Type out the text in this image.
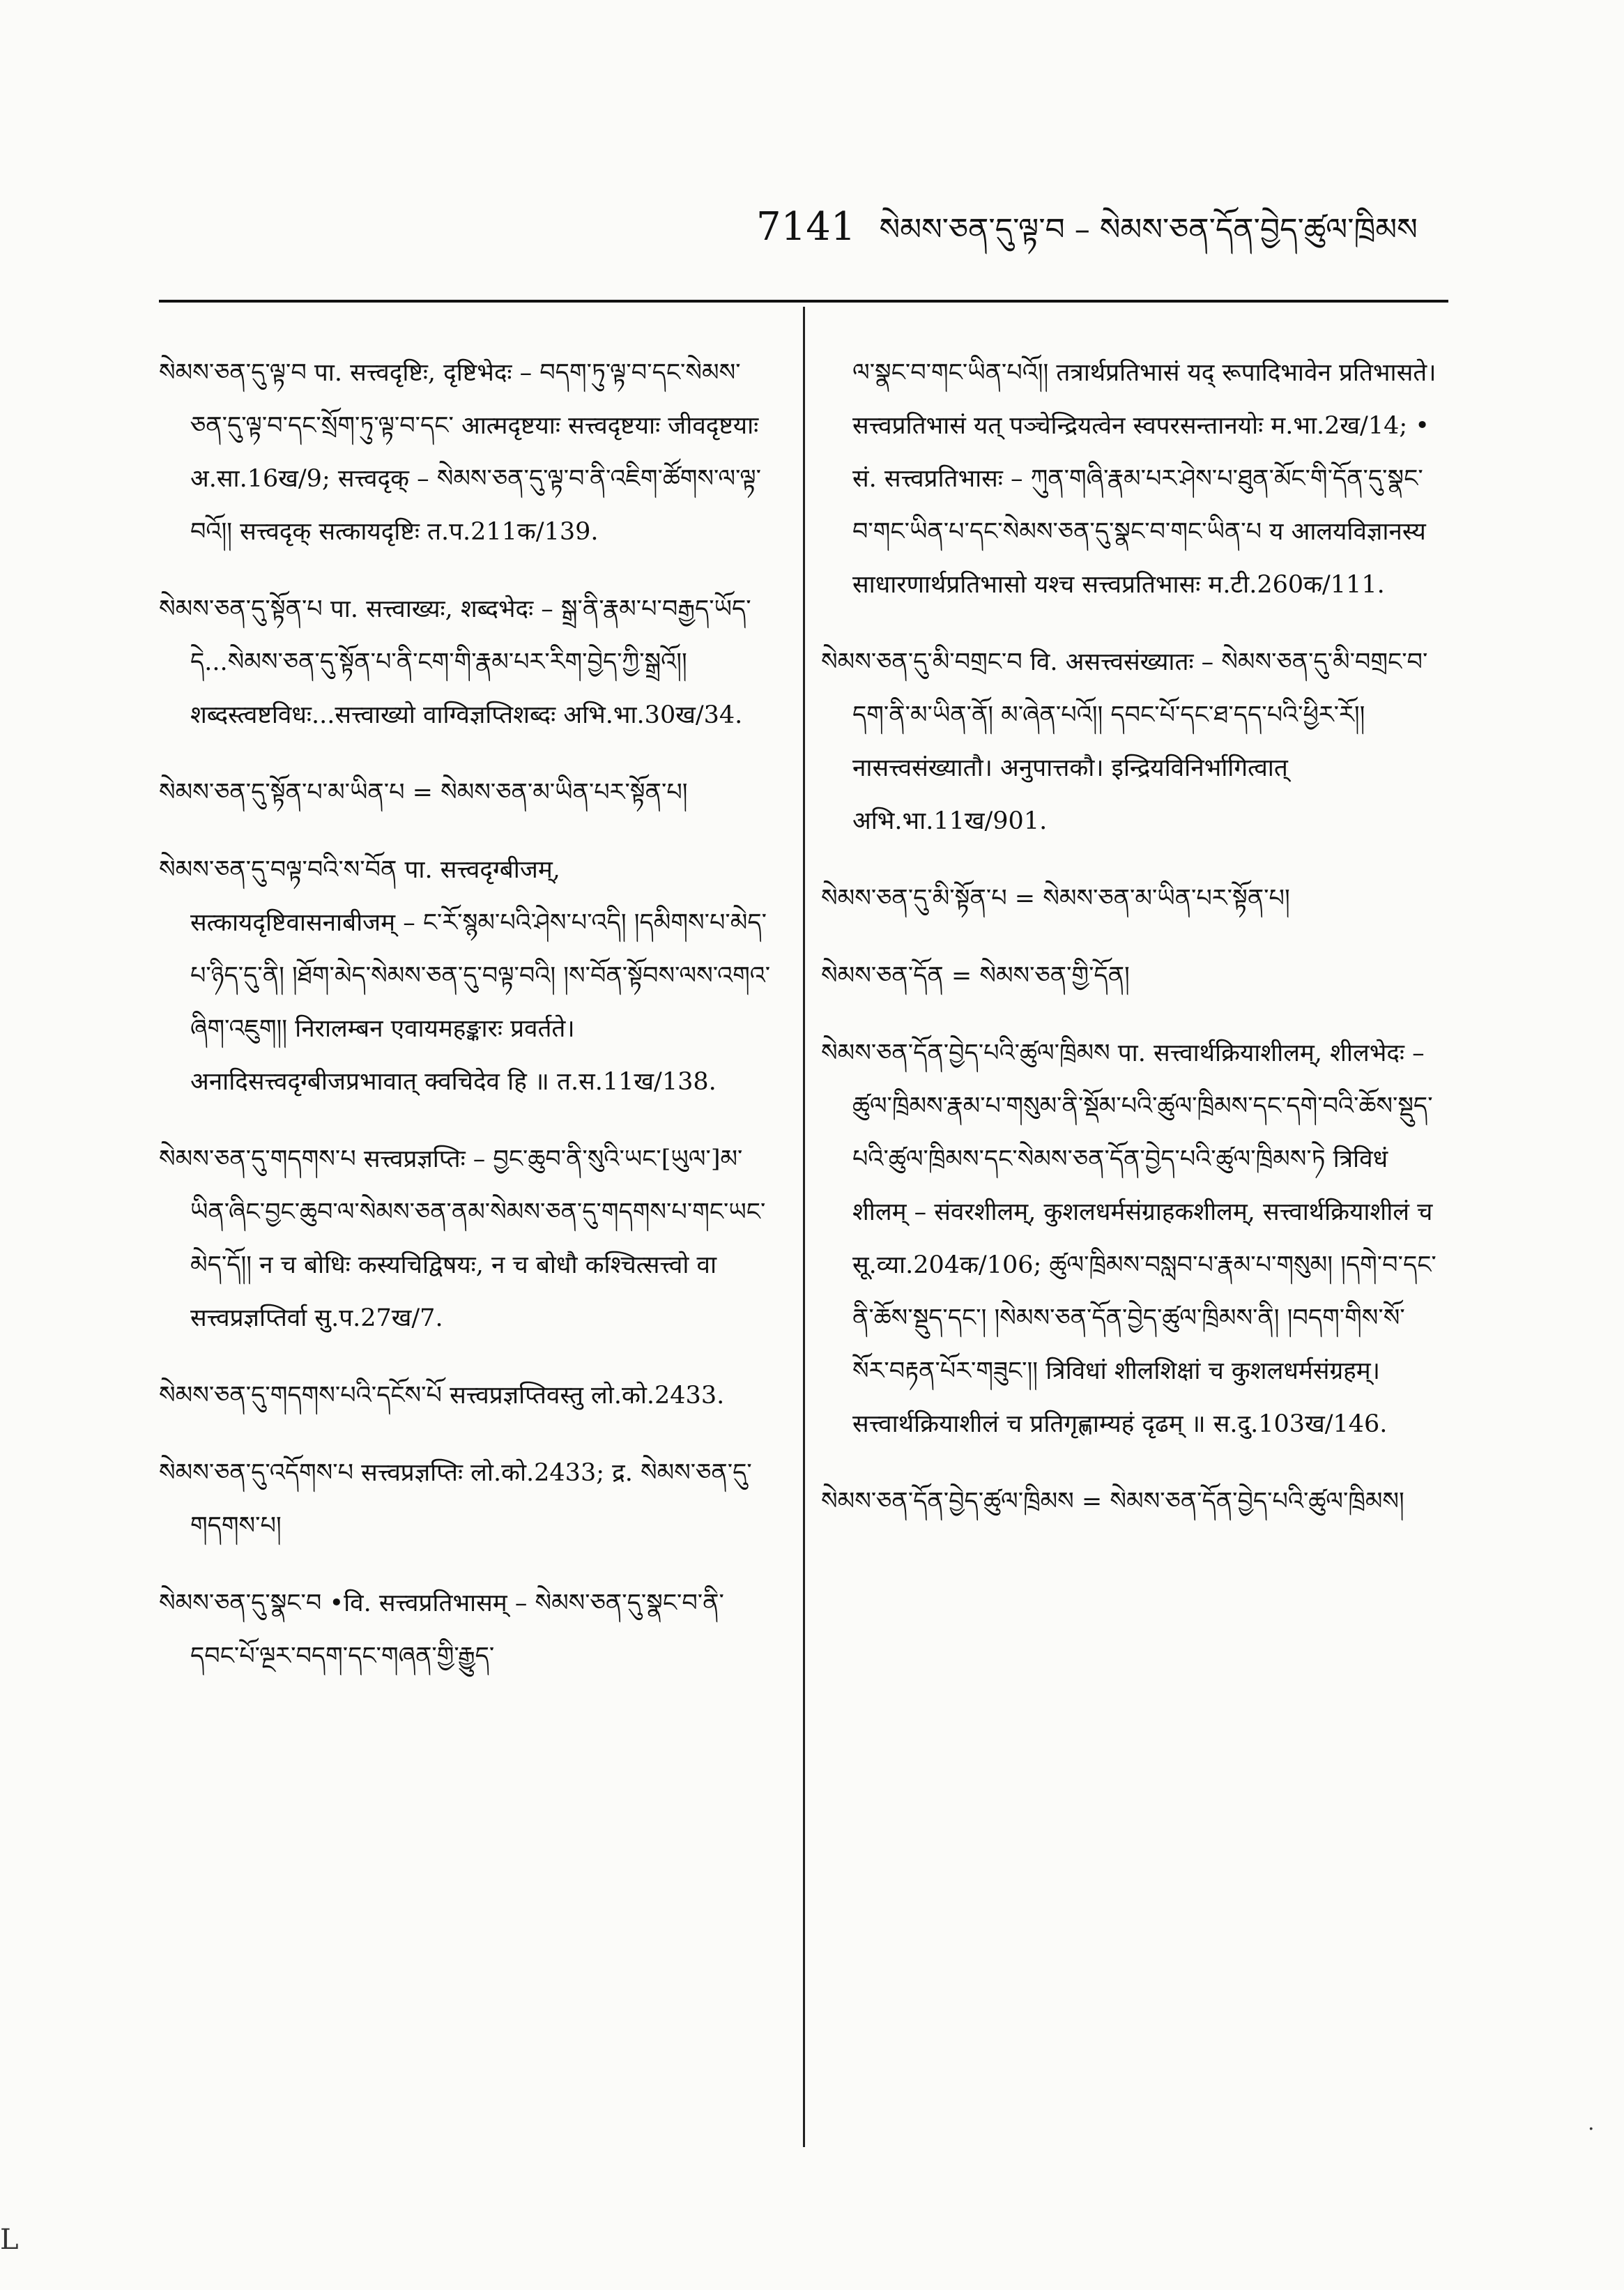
7141 སེམས་ཅན་དུ་ལྟ་བ – སེམས་ཅན་དོན་བྱེད་ཚུལ་ཁྲིམས

སེམས་ཅན་དུ་ལྟ་བ पा. सत्त्वदृष्टिः, दृष्टिभेदः – བདག་ཏུ་ལྟ་བ་དང་སེམས་ཅན་དུ་ལྟ་བ་དང་སྲོག་ཏུ་ལྟ་བ་དང་ आत्मदृष्टयाः सत्त्वदृष्टयाः जीवदृष्टयाः अ.सा.16ख/9; सत्त्वदृक् – སེམས་ཅན་དུ་ལྟ་བ་ནི་འཇིག་ཚོགས་ལ་ལྟ་བའོ།། सत्त्वदृक् सत्कायदृष्टिः त.प.211क/139.

སེམས་ཅན་དུ་སྟོན་པ पा. सत्त्वाख्यः, शब्दभेदः – སྒྲ་ནི་རྣམ་པ་བརྒྱད་ཡོད་དེ...སེམས་ཅན་དུ་སྟོན་པ་ནི་ངག་གི་རྣམ་པར་རིག་བྱེད་ཀྱི་སྒྲའོ།། शब्दस्त्वष्टविधः...सत्त्वाख्यो वाग्विज्ञप्तिशब्दः अभि.भा.30ख/34.

སེམས་ཅན་དུ་སྟོན་པ་མ་ཡིན་པ = སེམས་ཅན་མ་ཡིན་པར་སྟོན་པ།

སེམས་ཅན་དུ་བལྟ་བའི་ས་བོན पा. सत्त्वदृग्बीजम्, सत्कायदृष्टिवासनाबीजम् – ང་རོ་སྙམ་པའི་ཤེས་པ་འདི། །དམིགས་པ་མེད་པ་ཉིད་དུ་ནི། །ཐོག་མེད་སེམས་ཅན་དུ་བལྟ་བའི། །ས་བོན་སྟོབས་ལས་འགའ་ཞིག་འཇུག།། निरालम्बन एवायमहङ्कारः प्रवर्तते। अनादिसत्त्वदृग्बीजप्रभावात् क्वचिदेव हि ॥ त.स.11ख/138.

སེམས་ཅན་དུ་གདགས་པ सत्त्वप्रज्ञप्तिः – བྱང་ཆུབ་ནི་སུའི་ཡང་[ཡུལ་]མ་ཡིན་ཞིང་བྱང་ཆུབ་ལ་སེམས་ཅན་ནམ་སེམས་ཅན་དུ་གདགས་པ་གང་ཡང་མེད་དོ།། न च बोधिः कस्यचिद्विषयः, न च बोधौ कश्चित्सत्त्वो वा सत्त्वप्रज्ञप्तिर्वा सु.प.27ख/7.

སེམས་ཅན་དུ་གདགས་པའི་དངོས་པོ सत्त्वप्रज्ञप्तिवस्तु लो.को.2433.

སེམས་ཅན་དུ་འདོགས་པ सत्त्वप्रज्ञप्तिः लो.को.2433; द्र. སེམས་ཅན་དུ་གདགས་པ།

སེམས་ཅན་དུ་སྣང་བ •वि. सत्त्वप्रतिभासम् – སེམས་ཅན་དུ་སྣང་བ་ནི་དབང་པོ་ལྔར་བདག་དང་གཞན་གྱི་རྒྱུད་

ལ་སྣང་བ་གང་ཡིན་པའོ།། तत्रार्थप्रतिभासं यद् रूपादिभावेन प्रतिभासते। सत्त्वप्रतिभासं यत् पञ्चेन्द्रियत्वेन स्वपरसन्तानयोः म.भा.2ख/14; • सं. सत्त्वप्रतिभासः – ཀུན་གཞི་རྣམ་པར་ཤེས་པ་ཐུན་མོང་གི་དོན་དུ་སྣང་བ་གང་ཡིན་པ་དང་སེམས་ཅན་དུ་སྣང་བ་གང་ཡིན་པ य आलयविज्ञानस्य साधारणार्थप्रतिभासो यश्च सत्त्वप्रतिभासः म.टी.260क/111.

སེམས་ཅན་དུ་མི་བགྲང་བ वि. असत्त्वसंख्यातः – སེམས་ཅན་དུ་མི་བགྲང་བ་དག་ནི་མ་ཡིན་ནོ། མ་ཞེན་པའོ།། དབང་པོ་དང་ཐ་དད་པའི་ཕྱིར་རོ།། नासत्त्वसंख्यातौ। अनुपात्तकौ। इन्द्रियविनिर्भागित्वात् अभि.भा.11ख/901.

སེམས་ཅན་དུ་མི་སྟོན་པ = སེམས་ཅན་མ་ཡིན་པར་སྟོན་པ།

སེམས་ཅན་དོན = སེམས་ཅན་གྱི་དོན།

སེམས་ཅན་དོན་བྱེད་པའི་ཚུལ་ཁྲིམས पा. सत्त्वार्थक्रियाशीलम्, शीलभेदः – ཚུལ་ཁྲིམས་རྣམ་པ་གསུམ་ནི་སྡོམ་པའི་ཚུལ་ཁྲིམས་དང་དགེ་བའི་ཆོས་སྡུད་པའི་ཚུལ་ཁྲིམས་དང་སེམས་ཅན་དོན་བྱེད་པའི་ཚུལ་ཁྲིམས་ཏེ त्रिविधं शीलम् – संवरशीलम्, कुशलधर्मसंग्राहकशीलम्, सत्त्वार्थक्रियाशीलं च सू.व्या.204क/106; ཚུལ་ཁྲིམས་བསླབ་པ་རྣམ་པ་གསུམ། །དགེ་བ་དང་ནི་ཆོས་སྡུད་དང་། །སེམས་ཅན་དོན་བྱེད་ཚུལ་ཁྲིམས་ནི། །བདག་གིས་སོ་སོར་བརྟན་པོར་གཟུང་།། त्रिविधां शीलशिक्षां च कुशलधर्मसंग्रहम्। सत्त्वार्थक्रियाशीलं च प्रतिगृह्णाम्यहं दृढम् ॥ स.दु.103ख/146.

སེམས་ཅན་དོན་བྱེད་ཚུལ་ཁྲིམས = སེམས་ཅན་དོན་བྱེད་པའི་ཚུལ་ཁྲིམས།

.
L
